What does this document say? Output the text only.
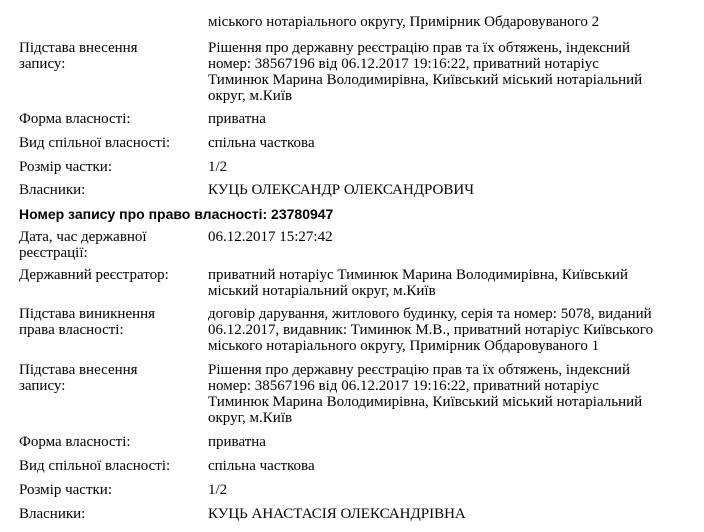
міського нотаріального округу, Примірник Обдаровуваного 2
Підстава внесення
запису:
Рішення про державну реєстрацію прав та їх обтяжень, індексний
номер: 38567196 від 06.12.2017 19:16:22, приватний нотаріус
Тиминюк Марина Володимирівна, Київський міський нотаріальний
округ, м.Київ
Форма власності:	приватна
Вид спільної власності:	спільна часткова
Розмір частки:	1/2
Власники:	КУЦЬ ОЛЕКСАНДР ОЛЕКСАНДРОВИЧ
Номер запису про право власності: 23780947
Дата, час державної
реєстрації:
06.12.2017 15:27:42
Державний реєстратор:	приватний нотаріус Тиминюк Марина Володимирівна, Київський
міський нотаріальний округ, м.Київ
Підстава виникнення
права власності:
договір дарування, житлового будинку, серія та номер: 5078, виданий
06.12.2017, видавник: Тиминюк М.В., приватний нотаріус Київського
міського нотаріального округу, Примірник Обдаровуваного 1
Підстава внесення
запису:
Рішення про державну реєстрацію прав та їх обтяжень, індексний
номер: 38567196 від 06.12.2017 19:16:22, приватний нотаріус
Тиминюк Марина Володимирівна, Київський міський нотаріальний
округ, м.Київ
Форма власності:	приватна
Вид спільної власності:	спільна часткова
Розмір частки:	1/2
Власники:	КУЦЬ АНАСТАСІЯ ОЛЕКСАНДРІВНА
